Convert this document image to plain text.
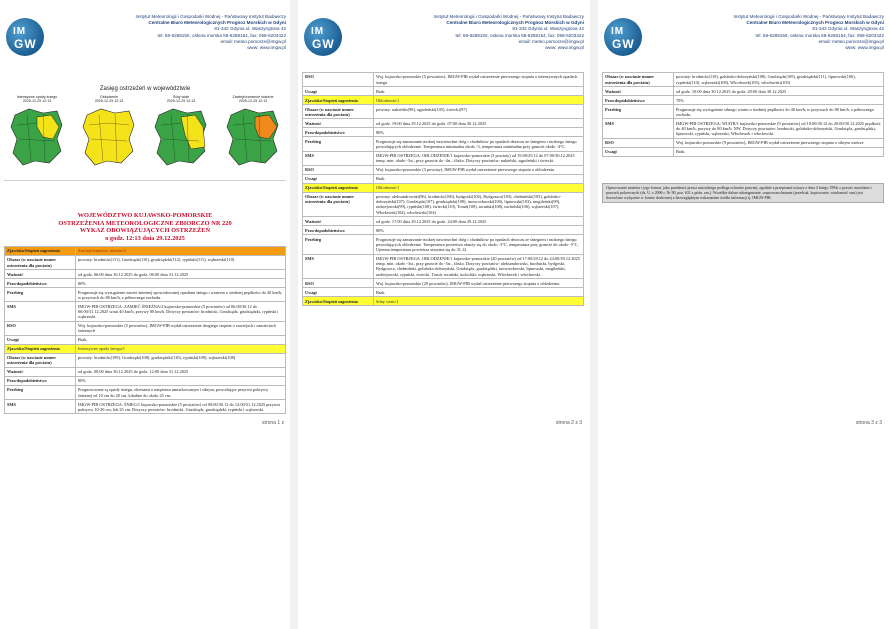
IM
GW
Instytut Meteorologii i Gospodarki Wodnej - Państwowy Instytut Badawczy
Centralne Biuro Meteorologicznych Prognoz Morskich w Gdyni
81-342 Gdynia ul. Waszyngtona 42
tel: 58-6288150, osłona morska 58-6288154, fax: 058-6203422
email: meteo.pomorze@imgw.pl
www: www.imgw.pl
Zasięg ostrzeżeń w województwie
Intensywne opady śniegu
2025-12-29 12:13
Oblodzenie
2025-12-29 12:13
Silny wiatr
2025-12-29 12:13
Zawieje/zamiecie śnieżne
2025-12-29 12:13
WOJEWÓDZTWO KUJAWSKO-POMORSKIE
OSTRZEŻENIA METEOROLOGICZNE ZBIORCZO NR 220
WYKAZ OBOWIĄZUJĄCYCH OSTRZEŻEŃ
o godz. 12:13 dnia 29.12.2025
Zjawisko/Stopień zagrożenia	Zawieje/zamiecie śnieżne/2
Obszar (w nawiasie numer ostrzeżenia dla powiatu)	powiaty: brodnicki(111), Grudziądz(110), grudziądzki(112), rypiński(111), wąbrzeski(110)
Ważność	od godz. 06:00 dnia 30.12.2025 do godz. 06:00 dnia 31.12.2025
Prawdopodobieństwo	80%
Przebieg	Prognozuje się wystąpienie zawiei śnieżnej spowodowanej opadami śniegu i wiatrem o średniej prędkości do 40 km/h, w porywach do 80 km/h, z północnego zachodu.
SMS	IMGW-PIB OSTRZEGA: ZAMIEĆ ŚNIEŻNA/2 kujawsko-pomorskie (5 powiatów) od 06:00/30.12 do 06:00/31.12.2025 wiatr 40 km/h, porywy 80 km/h. Dotyczy powiatów: brodnicki, Grudziądz, grudziądzki, rypiński i wąbrzeski.
RSO	Woj. kujawsko-pomorskie (5 powiatów), IMGW-PIB wydał ostrzeżenie drugiego stopnia o zawiejach i zamieciach śnieżnych
Uwagi	Brak.
Zjawisko/Stopień zagrożenia	Intensywne opady śniegu/1
Obszar (w nawiasie numer ostrzeżenia dla powiatu)	powiaty: brodnicki(109), Grudziądz(108), grudziądzki(110), rypiński(109), wąbrzeski(108)
Ważność	od godz. 00:00 dnia 30.12.2025 do godz. 12:00 dnia 31.12.2025
Prawdopodobieństwo	80%
Przebieg	Prognozowane są opady śniegu, okresami o natężeniu umiarkowanym i silnym, powodujące przyrost pokrywy śnieżnej od 10 cm do 20 cm, lokalnie do około 25 cm.
SMS	IMGW-PIB OSTRZEGA: ŚNIEG/1 kujawsko-pomorskie (5 powiatów) od 00:00/30.12 do 12:00/31.12.2025 przyrost pokrywy 10-20 cm, lok 25 cm. Dotyczy powiatów: brodnicki, Grudziądz, grudziądzki, rypiński i wąbrzeski.
strona 1 z
IM
GW
Instytut Meteorologii i Gospodarki Wodnej - Państwowy Instytut Badawczy
Centralne Biuro Meteorologicznych Prognoz Morskich w Gdyni
81-342 Gdynia ul. Waszyngtona 42
tel: 58-6288150, osłona morska 58-6288154, fax: 058-6203422
email: meteo.pomorze@imgw.pl
www: www.imgw.pl
RSO	Woj. kujawsko-pomorskie (5 powiatów), IMGW-PIB wydał ostrzeżenie pierwszego stopnia o intensywnych opadach śniegu
Uwagi	Brak.
Zjawisko/Stopień zagrożenia	Oblodzenie/1
Obszar (w nawiasie numer ostrzeżenia dla powiatu)	powiaty: nakielski(98), sępoleński(105), świecki(97)
Ważność	od godz. 19:00 dnia 29.12.2025 do godz. 07:00 dnia 30.12.2025
Prawdopodobieństwo	80%
Przebieg	Prognozuje się zamarzanie mokrej nawierzchni dróg i chodników po opadach deszczu ze śniegiem i mokrego śniegu powodujących oblodzenie. Temperatura minimalna około -3, temperatura minimalna przy gruncie około -4°C.
SMS	IMGW-PIB OSTRZEGA: OBLODZENIE/1 kujawsko-pomorskie (3 powiaty) od 19:00/29.12 do 07:00/30.12.2025 temp. min. około -3st., przy gruncie do -4st., ślisko. Dotyczy powiatów: nakielski, sępoleński i świecki.
RSO	Woj. kujawsko-pomorskie (3 powiaty), IMGW-PIB wydał ostrzeżenie pierwszego stopnia o oblodzeniu
Uwagi	Brak.
Zjawisko/Stopień zagrożenia	Oblodzenie/1
Obszar (w nawiasie numer ostrzeżenia dla powiatu)	powiaty: aleksandrowski(96), brodnicki(106), bydgoski(104), Bydgoszcz(103), chełmiński(103), golubsko-dobrzyński(107), Grudziądz(107), grudziądzki(109), inowrocławski(100), lipnowski(103), mogileński(99), radziejowski(99), rypiński(108), świecki(110), Toruń(108), toruński(108), tucholski(106), wąbrzeski(107), Włocławek(104), włocławski(104)
Ważność	od godz. 17:00 dnia 29.12.2025 do godz. 24:00 dnia 29.12.2025
Prawdopodobieństwo	80%
Przebieg	Prognozuje się zamarzanie mokrej nawierzchni dróg i chodników po opadach deszczu ze śniegiem i mokrego śniegu powodujących oblodzenie. Temperatura powietrza obniży się do około -3°C, temperatura przy gruncie do około -5°C. Ujemna temperatura powietrza utrzyma się do 31.12.
SMS	IMGW-PIB OSTRZEGA: OBLODZENIE/1 kujawsko-pomorskie (20 powiatów) od 17:00/29.12 do 24:00/29.12.2025 temp. min. około -3st., przy gruncie do -5st., ślisko. Dotyczy powiatów: aleksandrowski, brodnicki, bydgoski, Bydgoszcz, chełmiński, golubsko-dobrzyński, Grudziądz, grudziądzki, inowrocławski, lipnowski, mogileński, radziejowski, rypiński, świecki, Toruń, toruński, tucholski, wąbrzeski, Włocławek i włocławski.
RSO	Woj. kujawsko-pomorskie (20 powiatów), IMGW-PIB wydał ostrzeżenie pierwszego stopnia o oblodzeniu
Uwagi	Brak.
Zjawisko/Stopień zagrożenia	Silny wiatr/1
strona 2 z 3
IM
GW
Instytut Meteorologii i Gospodarki Wodnej - Państwowy Instytut Badawczy
Centralne Biuro Meteorologicznych Prognoz Morskich w Gdyni
81-342 Gdynia ul. Waszyngtona 42
tel: 58-6288150, osłona morska 58-6288154, fax: 058-6203422
email: meteo.pomorze@imgw.pl
www: www.imgw.pl
Obszar (w nawiasie numer ostrzeżenia dla powiatu)	powiaty: brodnicki(110), golubsko-dobrzyński(108), Grudziądz(109), grudziądzki(111), lipnowski(106), rypiński(110), wąbrzeski(109), Włocławek(105), włocławski(105)
Ważność	od godz. 10:00 dnia 30.12.2025 do godz. 20:00 dnia 30.12.2025
Prawdopodobieństwo	70%
Przebieg	Prognozuje się wystąpienie silnego wiatru o średniej prędkości do 40 km/h, w porywach do 80 km/h, z północnego zachodu.
SMS	IMGW-PIB OSTRZEGA: WIATR/1 kujawsko-pomorskie (9 powiatów) od 10:00/30.12 do 20:00/30.12.2025 prędkość do 40 km/h, porywy do 80 km/h, NW. Dotyczy powiatów: brodnicki, golubsko-dobrzyński, Grudziądz, grudziądzki, lipnowski, rypiński, wąbrzeski, Włocławek i włocławski.
RSO	Woj. kujawsko-pomorskie (9 powiatów), IMGW-PIB wydał ostrzeżenie pierwszego stopnia o silnym wietrze
Uwagi	Brak.
Opracowanie zmienia i jego format, jako przedmiot prawa autorskiego podlega ochronie prawnej, zgodnie z przepisami ustawy z dnia 4 lutego 1994r o prawie autorskim i prawach pokrewnych (dz. U. z 2006 r. Nr 90, poz. 631 z późn. zm.). Wszelkie dalsze udostępnianie, rozpowszechnianie (przedruk, kopiowanie, wiadomość sms) jest dozwolone wyłącznie w formie dosłownej z bezwzględnym wskazaniem źródła informacji tj. IMGW-PIB.
strona 3 z 3
